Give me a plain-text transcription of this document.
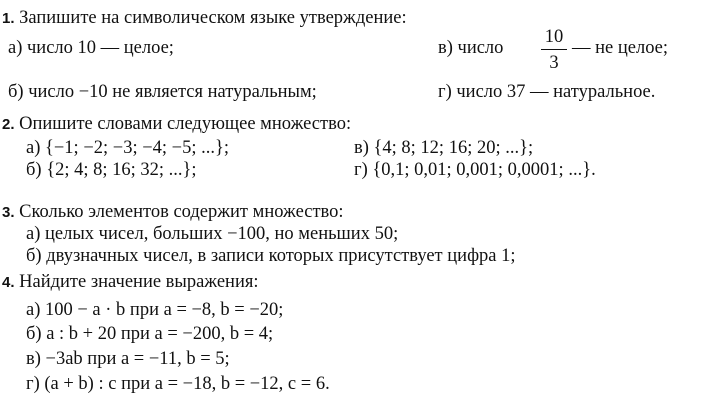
1. Запишите на символическом языке утверждение:
а) число 10 — целое;	в) число
10
3
— не целое;
б) число −10 не является натуральным;	г) число 37 — натуральное.
2. Опишите словами следующее множество:
а) {−1; −2; −3; −4; −5; ...};	в) {4; 8; 12; 16; 20; ...};
б) {2; 4; 8; 16; 32; ...};	г) {0,1; 0,01; 0,001; 0,0001; ...}.
3. Сколько элементов содержит множество:
а) целых чисел, больших −100, но меньших 50;
б) двузначных чисел, в записи которых присутствует цифра 1;
4. Найдите значение выражения:
а) 100 − a · b при a = −8, b = −20;
б) a : b + 20 при a = −200, b = 4;
в) −3ab при a = −11, b = 5;
г) (a + b) : c при a = −18, b = −12, c = 6.
